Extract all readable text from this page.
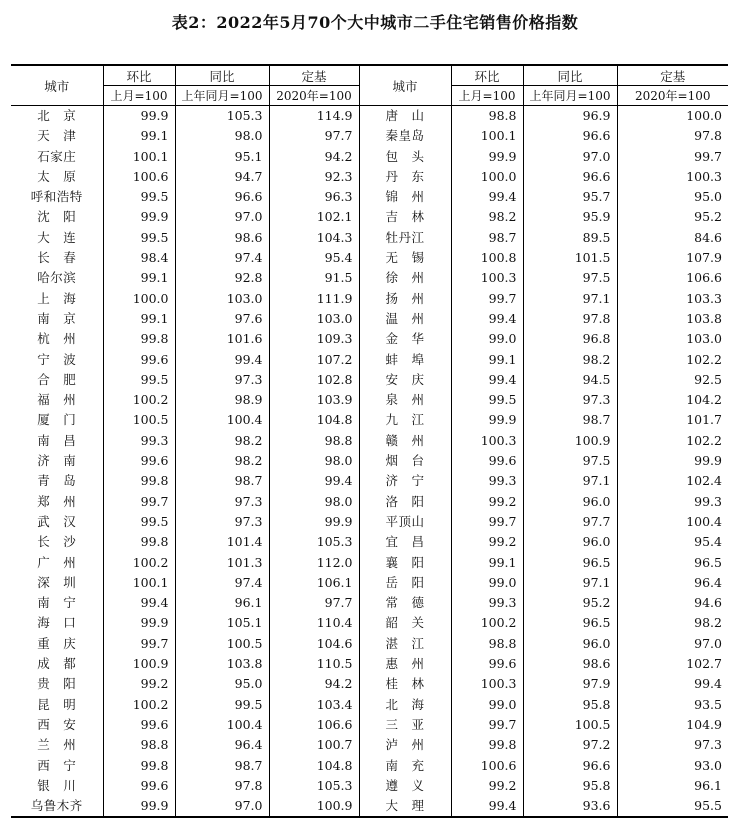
表2：2022年5月70个大中城市二手住宅销售价格指数
城市	环比	同比	定基	城市	环比	同比	定基
	上月=100	上年同月=100	2020年=100		上月=100	上年同月=100	2020年=100
北　京	99.9	105.3	114.9	唐　山	98.8	96.9	100.0
天　津	99.1	98.0	97.7	秦皇岛	100.1	96.6	97.8
石家庄	100.1	95.1	94.2	包　头	99.9	97.0	99.7
太　原	100.6	94.7	92.3	丹　东	100.0	96.6	100.3
呼和浩特	99.5	96.6	96.3	锦　州	99.4	95.7	95.0
沈　阳	99.9	97.0	102.1	吉　林	98.2	95.9	95.2
大　连	99.5	98.6	104.3	牡丹江	98.7	89.5	84.6
长　春	98.4	97.4	95.4	无　锡	100.8	101.5	107.9
哈尔滨	99.1	92.8	91.5	徐　州	100.3	97.5	106.6
上　海	100.0	103.0	111.9	扬　州	99.7	97.1	103.3
南　京	99.1	97.6	103.0	温　州	99.4	97.8	103.8
杭　州	99.8	101.6	109.3	金　华	99.0	96.8	103.0
宁　波	99.6	99.4	107.2	蚌　埠	99.1	98.2	102.2
合　肥	99.5	97.3	102.8	安　庆	99.4	94.5	92.5
福　州	100.2	98.9	103.9	泉　州	99.5	97.3	104.2
厦　门	100.5	100.4	104.8	九　江	99.9	98.7	101.7
南　昌	99.3	98.2	98.8	赣　州	100.3	100.9	102.2
济　南	99.6	98.2	98.0	烟　台	99.6	97.5	99.9
青　岛	99.8	98.7	99.4	济　宁	99.3	97.1	102.4
郑　州	99.7	97.3	98.0	洛　阳	99.2	96.0	99.3
武　汉	99.5	97.3	99.9	平顶山	99.7	97.7	100.4
长　沙	99.8	101.4	105.3	宜　昌	99.2	96.0	95.4
广　州	100.2	101.3	112.0	襄　阳	99.1	96.5	96.5
深　圳	100.1	97.4	106.1	岳　阳	99.0	97.1	96.4
南　宁	99.4	96.1	97.7	常　德	99.3	95.2	94.6
海　口	99.9	105.1	110.4	韶　关	100.2	96.5	98.2
重　庆	99.7	100.5	104.6	湛　江	98.8	96.0	97.0
成　都	100.9	103.8	110.5	惠　州	99.6	98.6	102.7
贵　阳	99.2	95.0	94.2	桂　林	100.3	97.9	99.4
昆　明	100.2	99.5	103.4	北　海	99.0	95.8	93.5
西　安	99.6	100.4	106.6	三　亚	99.7	100.5	104.9
兰　州	98.8	96.4	100.7	泸　州	99.8	97.2	97.3
西　宁	99.8	98.7	104.8	南　充	100.6	96.6	93.0
银　川	99.6	97.8	105.3	遵　义	99.2	95.8	96.1
乌鲁木齐	99.9	97.0	100.9	大　理	99.4	93.6	95.5
